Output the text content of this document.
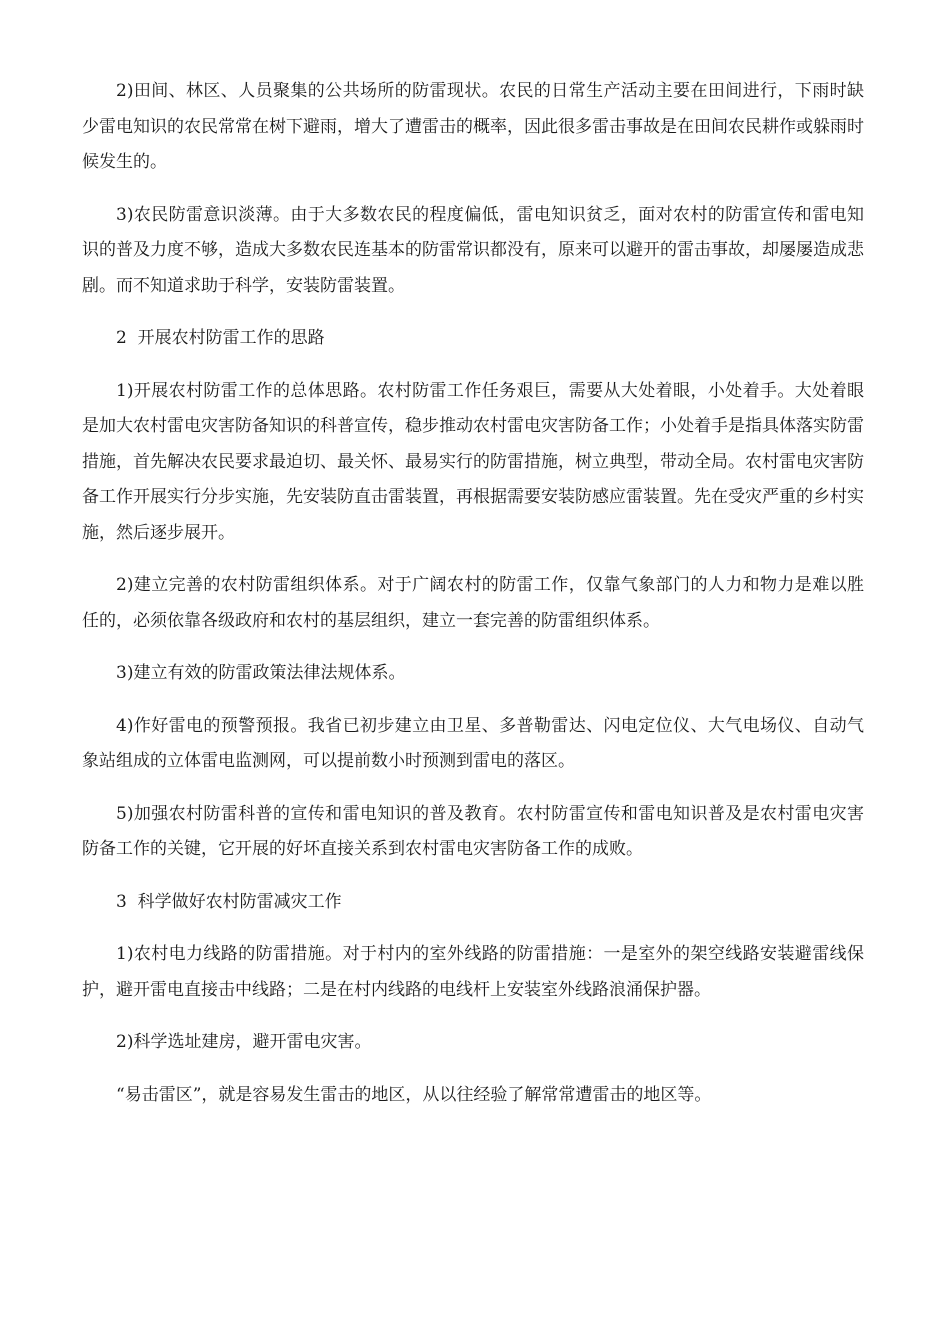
2)田间、林区、人员聚集的公共场所的防雷现状。农民的日常生产活动主要在田间进行，下雨时缺少雷电知识的农民常常在树下避雨，增大了遭雷击的概率，因此很多雷击事故是在田间农民耕作或躲雨时候发生的。

3)农民防雷意识淡薄。由于大多数农民的程度偏低，雷电知识贫乏，面对农村的防雷宣传和雷电知识的普及力度不够，造成大多数农民连基本的防雷常识都没有，原来可以避开的雷击事故，却屡屡造成悲剧。而不知道求助于科学，安装防雷装置。

2  开展农村防雷工作的思路

1)开展农村防雷工作的总体思路。农村防雷工作任务艰巨，需要从大处着眼，小处着手。大处着眼是加大农村雷电灾害防备知识的科普宣传，稳步推动农村雷电灾害防备工作；小处着手是指具体落实防雷措施，首先解决农民要求最迫切、最关怀、最易实行的防雷措施，树立典型，带动全局。农村雷电灾害防备工作开展实行分步实施，先安装防直击雷装置，再根据需要安装防感应雷装置。先在受灾严重的乡村实施，然后逐步展开。

2)建立完善的农村防雷组织体系。对于广阔农村的防雷工作，仅靠气象部门的人力和物力是难以胜任的，必须依靠各级政府和农村的基层组织，建立一套完善的防雷组织体系。

3)建立有效的防雷政策法律法规体系。

4)作好雷电的预警预报。我省已初步建立由卫星、多普勒雷达、闪电定位仪、大气电场仪、自动气象站组成的立体雷电监测网，可以提前数小时预测到雷电的落区。

5)加强农村防雷科普的宣传和雷电知识的普及教育。农村防雷宣传和雷电知识普及是农村雷电灾害防备工作的关键，它开展的好坏直接关系到农村雷电灾害防备工作的成败。

3  科学做好农村防雷减灾工作

1)农村电力线路的防雷措施。对于村内的室外线路的防雷措施：一是室外的架空线路安装避雷线保护，避开雷电直接击中线路；二是在村内线路的电线杆上安装室外线路浪涌保护器。

2)科学选址建房，避开雷电灾害。

“易击雷区”，就是容易发生雷击的地区，从以往经验了解常常遭雷击的地区等。
